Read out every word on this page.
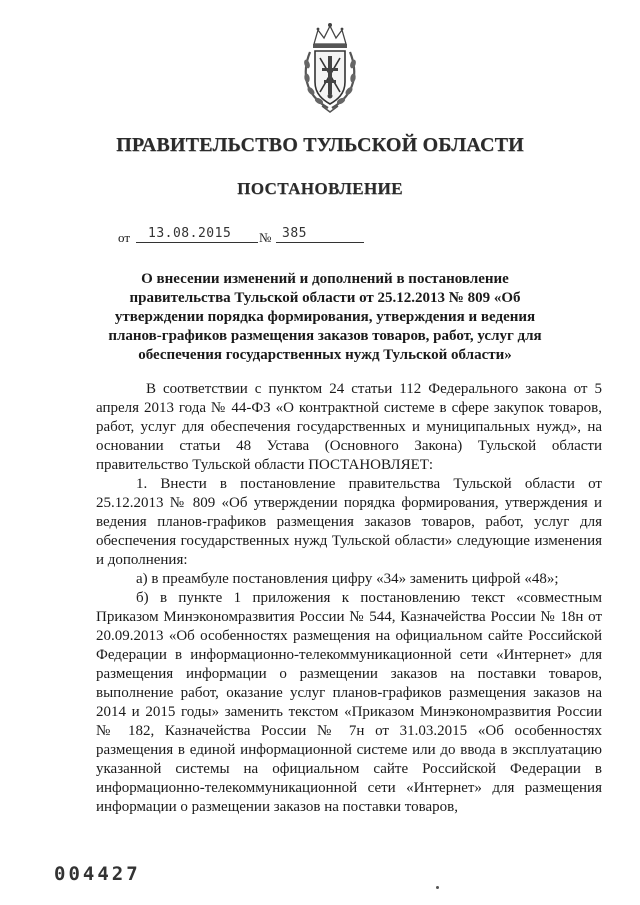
ПРАВИТЕЛЬСТВО ТУЛЬСКОЙ ОБЛАСТИ
ПОСТАНОВЛЕНИЕ
от 13.08.2015 № 385
О внесении изменений и дополнений в постановление правительства Тульской области от 25.12.2013 № 809 «Об утверждении порядка формирования, утверждения и ведения планов-графиков размещения заказов товаров, работ, услуг для обеспечения государственных нужд Тульской области»

В соответствии с пунктом 24 статьи 112 Федерального закона от 5 апреля 2013 года № 44-ФЗ «О контрактной системе в сфере закупок товаров, работ, услуг для обеспечения государственных и муниципальных нужд», на основании статьи 48 Устава (Основного Закона) Тульской области правительство Тульской области ПОСТАНОВЛЯЕТ:

1. Внести в постановление правительства Тульской области от 25.12.2013 № 809 «Об утверждении порядка формирования, утверждения и ведения планов-графиков размещения заказов товаров, работ, услуг для обеспечения государственных нужд Тульской области» следующие изменения и дополнения:

а) в преамбуле постановления цифру «34» заменить цифрой «48»;

б) в пункте 1 приложения к постановлению текст «совместным Приказом Минэкономразвития России № 544, Казначейства России № 18н от 20.09.2013 «Об особенностях размещения на официальном сайте Российской Федерации в информационно-телекоммуникационной сети «Интернет» для размещения информации о размещении заказов на поставки товаров, выполнение работ, оказание услуг планов-графиков размещения заказов на 2014 и 2015 годы» заменить текстом «Приказом Минэкономразвития России № 182, Казначейства России № 7н от 31.03.2015 «Об особенностях размещения в единой информационной системе или до ввода в эксплуатацию указанной системы на официальном сайте Российской Федерации в информационно-телекоммуникационной сети «Интернет» для размещения информации о размещении заказов на поставки товаров,

004427
